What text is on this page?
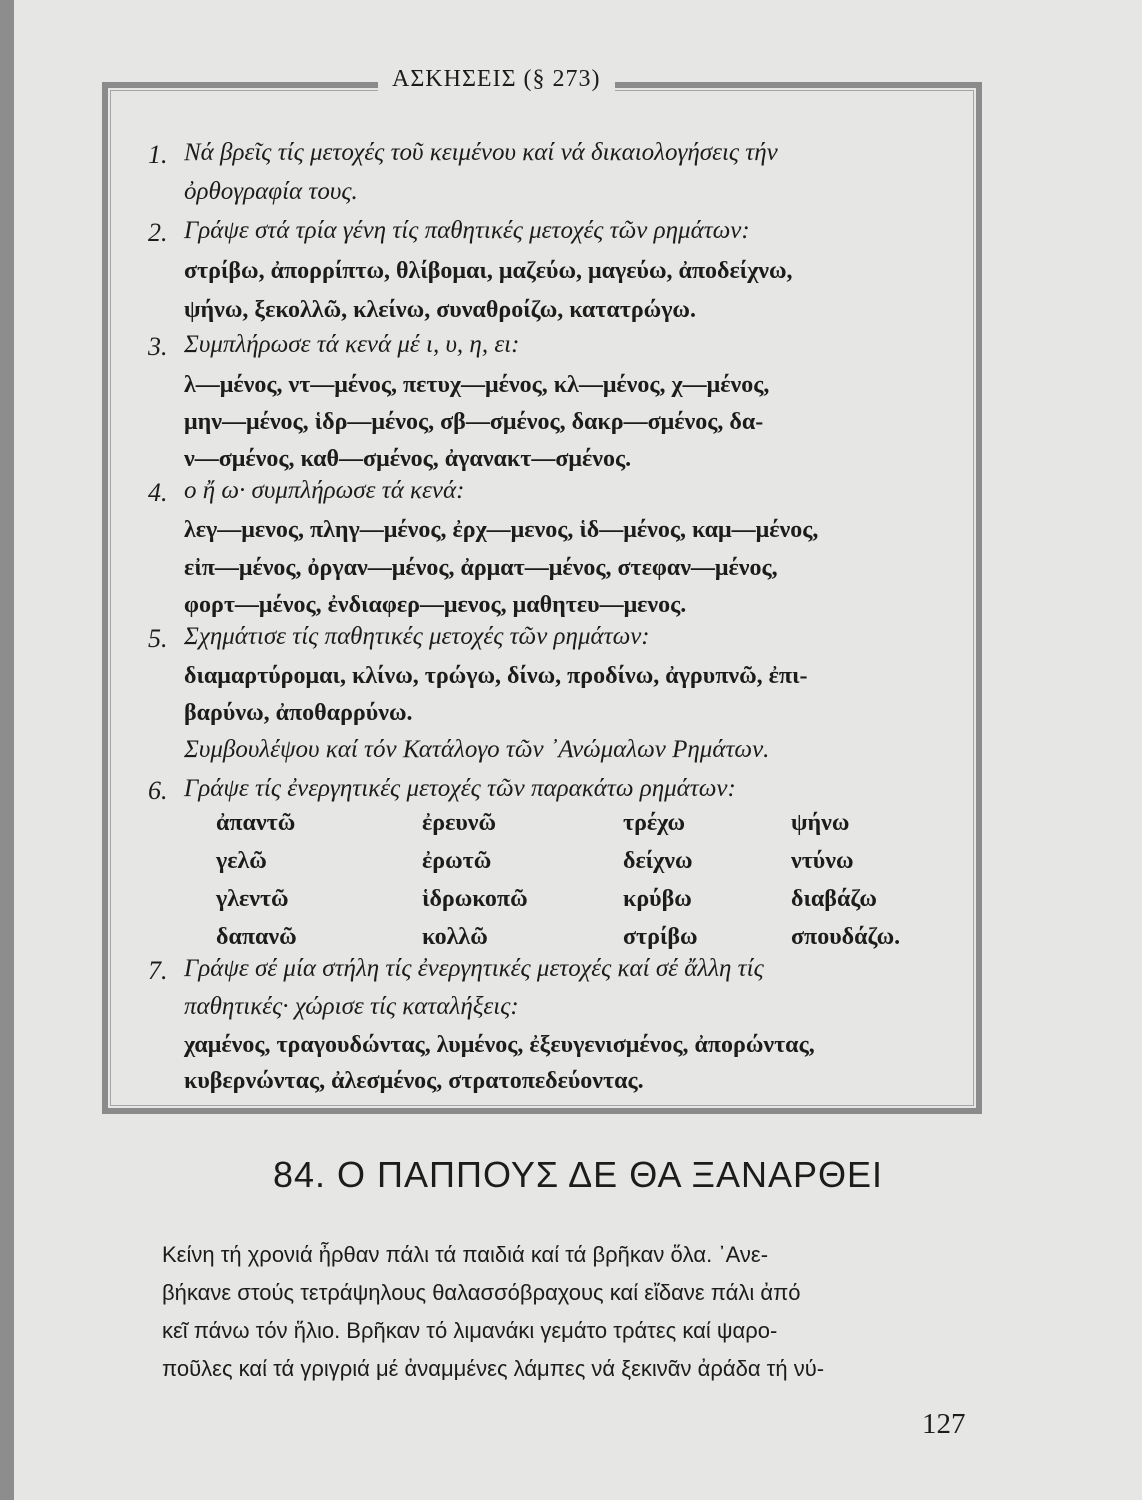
ΑΣΚΗΣΕΙΣ (§ 273)
1. Νά βρεῖς τίς μετοχές τοῦ κειμένου καί νά δικαιολογήσεις τήν
ὀρθογραφία τους.
2. Γράψε στά τρία γένη τίς παθητικές μετοχές τῶν ρημάτων:
στρίβω, ἀπορρίπτω, θλίβομαι, μαζεύω, μαγεύω, ἀποδείχνω,
ψήνω, ξεκολλῶ, κλείνω, συναθροίζω, κατατρώγω.
3. Συμπλήρωσε τά κενά μέ ι, υ, η, ει:
λ—μένος, ντ—μένος, πετυχ—μένος, κλ—μένος, χ—μένος,
μην—μένος, ἱδρ—μένος, σβ—σμένος, δακρ—σμένος, δα-
ν—σμένος, καθ—σμένος, ἀγανακτ—σμένος.
4. ο ἤ ω· συμπλήρωσε τά κενά:
λεγ—μενος, πληγ—μένος, ἐρχ—μενος, ἱδ—μένος, καμ—μένος,
εἰπ—μένος, ὀργαν—μένος, ἀρματ—μένος, στεφαν—μένος,
φορτ—μένος, ἐνδιαφερ—μενος, μαθητευ—μενος.
5. Σχημάτισε τίς παθητικές μετοχές τῶν ρημάτων:
διαμαρτύρομαι, κλίνω, τρώγω, δίνω, προδίνω, ἀγρυπνῶ, ἐπι-
βαρύνω, ἀποθαρρύνω.
Συμβουλέψου καί τόν Κατάλογο τῶν ᾿Ανώμαλων Ρημάτων.
6. Γράψε τίς ἐνεργητικές μετοχές τῶν παρακάτω ρημάτων:
ἀπαντῶ	ἐρευνῶ	τρέχω	ψήνω
γελῶ	ἐρωτῶ	δείχνω	ντύνω
γλεντῶ	ἱδρωκοπῶ	κρύβω	διαβάζω
δαπανῶ	κολλῶ	στρίβω	σπουδάζω.
7. Γράψε σέ μία στήλη τίς ἐνεργητικές μετοχές καί σέ ἄλλη τίς
παθητικές· χώρισε τίς καταλήξεις:
χαμένος, τραγουδώντας, λυμένος, ἐξευγενισμένος, ἀπορώντας,
κυβερνώντας, ἀλεσμένος, στρατοπεδεύοντας.
84. Ο ΠΑΠΠΟΥΣ ΔΕ ΘΑ ΞΑΝΑΡΘΕΙ
Κείνη τή χρονιά ἦρθαν πάλι τά παιδιά καί τά βρῆκαν ὅλα. ᾿Ανε-
βήκανε στούς τετράψηλους θαλασσόβραχους καί εἴδανε πάλι ἀπό
κεῖ πάνω τόν ἥλιο. Βρῆκαν τό λιμανάκι γεμάτο τράτες καί ψαρο-
ποῦλες καί τά γριγριά μέ ἀναμμένες λάμπες νά ξεκινᾶν ἀράδα τή νύ-
127
